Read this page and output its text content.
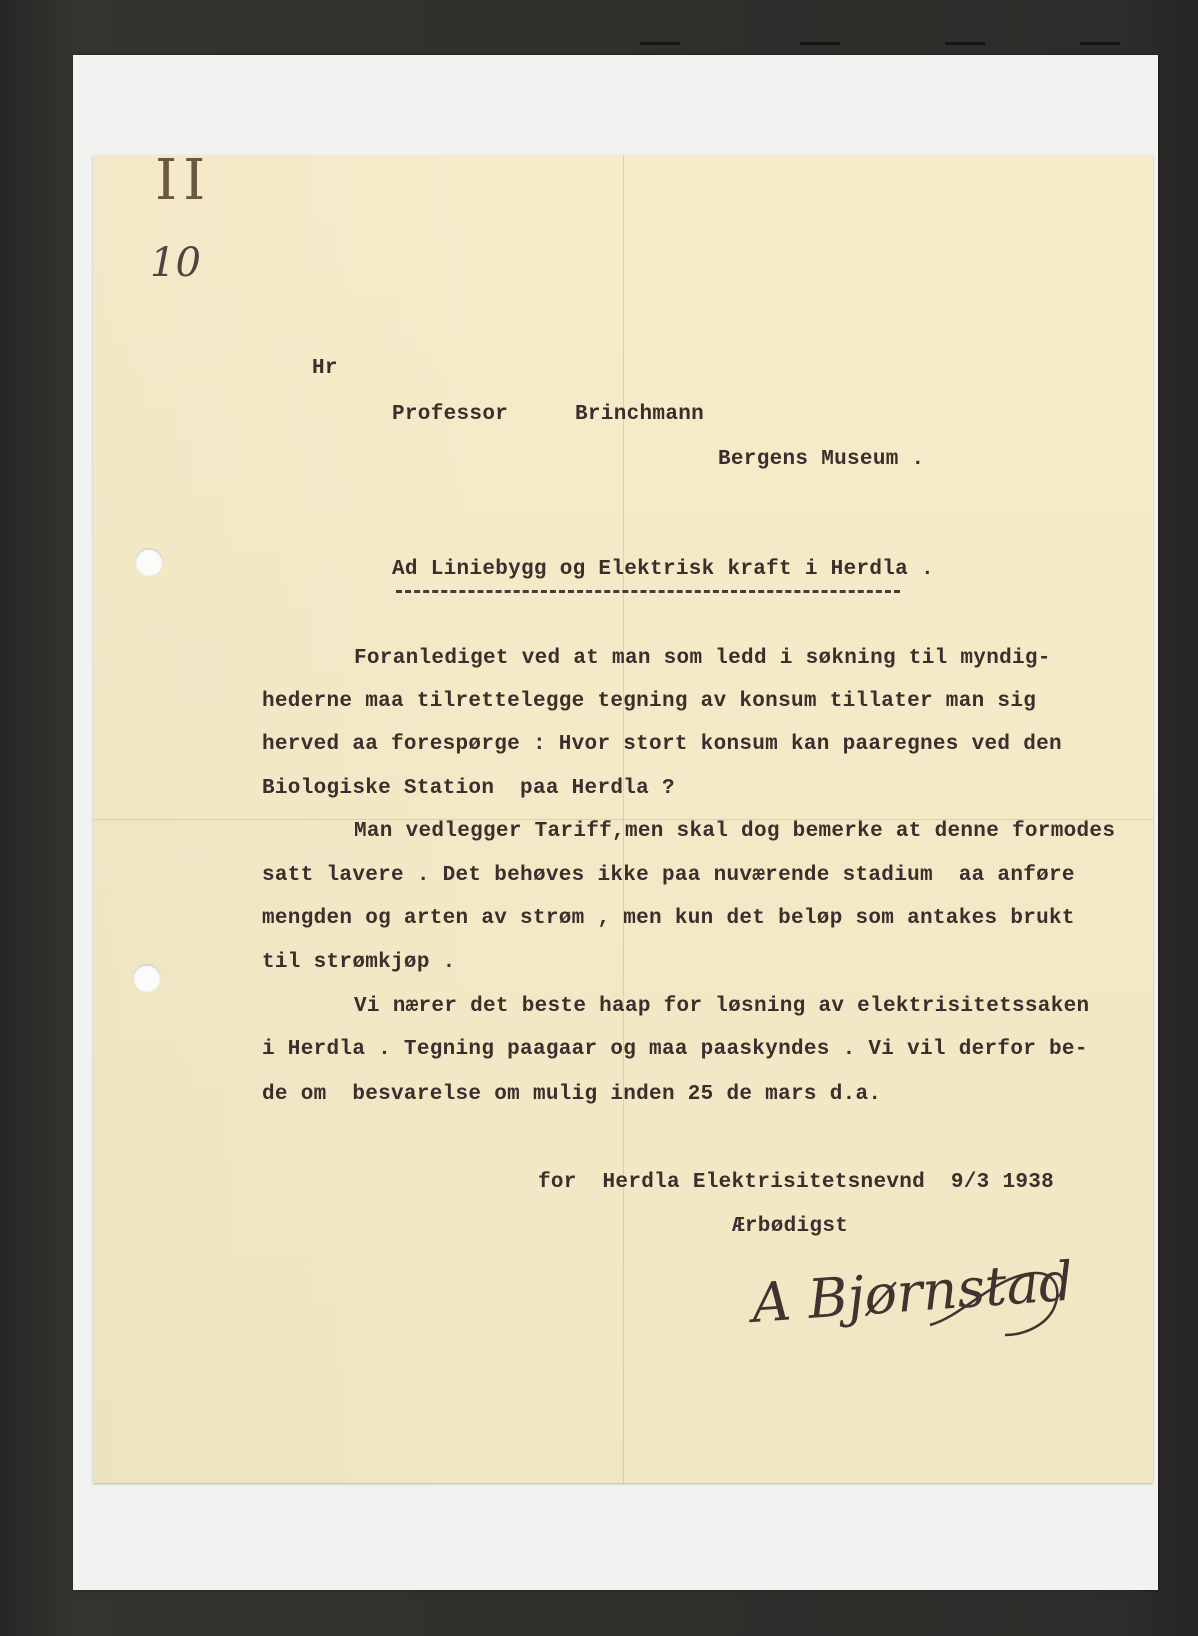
II
10
Hr
Professor	Brinchmann
Bergens Museum .
Ad Liniebygg og Elektrisk kraft i Herdla .
Foranlediget ved at man som ledd i søkning til myndig-
hederne maa tilrettelegge tegning av konsum tillater man sig
herved aa forespørge : Hvor stort konsum kan paaregnes ved den
Biologiske Station  paa Herdla ?
Man vedlegger Tariff,men skal dog bemerke at denne formodes
satt lavere . Det behøves ikke paa nuværende stadium  aa anføre
mengden og arten av strøm , men kun det beløp som antakes brukt
til strømkjøp .
Vi nærer det beste haap for løsning av elektrisitetssaken
i Herdla . Tegning paagaar og maa paaskyndes . Vi vil derfor be-
de om  besvarelse om mulig inden 25 de mars d.a.
for  Herdla Elektrisitetsnevnd  9/3 1938
Ærbødigst
A Bjørnstad
